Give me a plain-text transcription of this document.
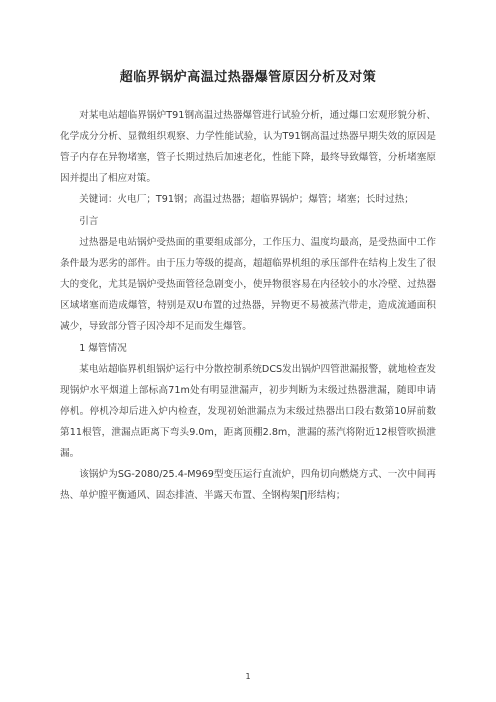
超临界锅炉高温过热器爆管原因分析及对策

对某电站超临界锅炉T91钢高温过热器爆管进行试验分析，通过爆口宏观形貌分析、化学成分分析、显微组织观察、力学性能试验，认为T91钢高温过热器早期失效的原因是管子内存在异物堵塞，管子长期过热后加速老化，性能下降，最终导致爆管，分析堵塞原因并提出了相应对策。

关键词：火电厂；T91钢；高温过热器；超临界锅炉；爆管；堵塞；长时过热；

引言

过热器是电站锅炉受热面的重要组成部分，工作压力、温度均最高，是受热面中工作条件最为恶劣的部件。由于压力等级的提高，超超临界机组的承压部件在结构上发生了很大的变化，尤其是锅炉受热面管径急剧变小，使异物很容易在内径较小的水冷壁、过热器区域堵塞而造成爆管，特别是双U布置的过热器，异物更不易被蒸汽带走，造成流通面积减少，导致部分管子因冷却不足而发生爆管。

1 爆管情况

某电站超临界机组锅炉运行中分散控制系统DCS发出锅炉四管泄漏报警，就地检查发现锅炉水平烟道上部标高71m处有明显泄漏声，初步判断为末级过热器泄漏，随即申请停机。停机冷却后进入炉内检查，发现初始泄漏点为末级过热器出口段右数第10屏前数第11根管，泄漏点距离下弯头9.0m，距离顶棚2.8m，泄漏的蒸汽将附近12根管吹损泄漏。

该锅炉为SG-2080/25.4-M969型变压运行直流炉，四角切向燃烧方式、一次中间再热、单炉膛平衡通风、固态排渣、半露天布置、全钢构架∏形结构；

1
